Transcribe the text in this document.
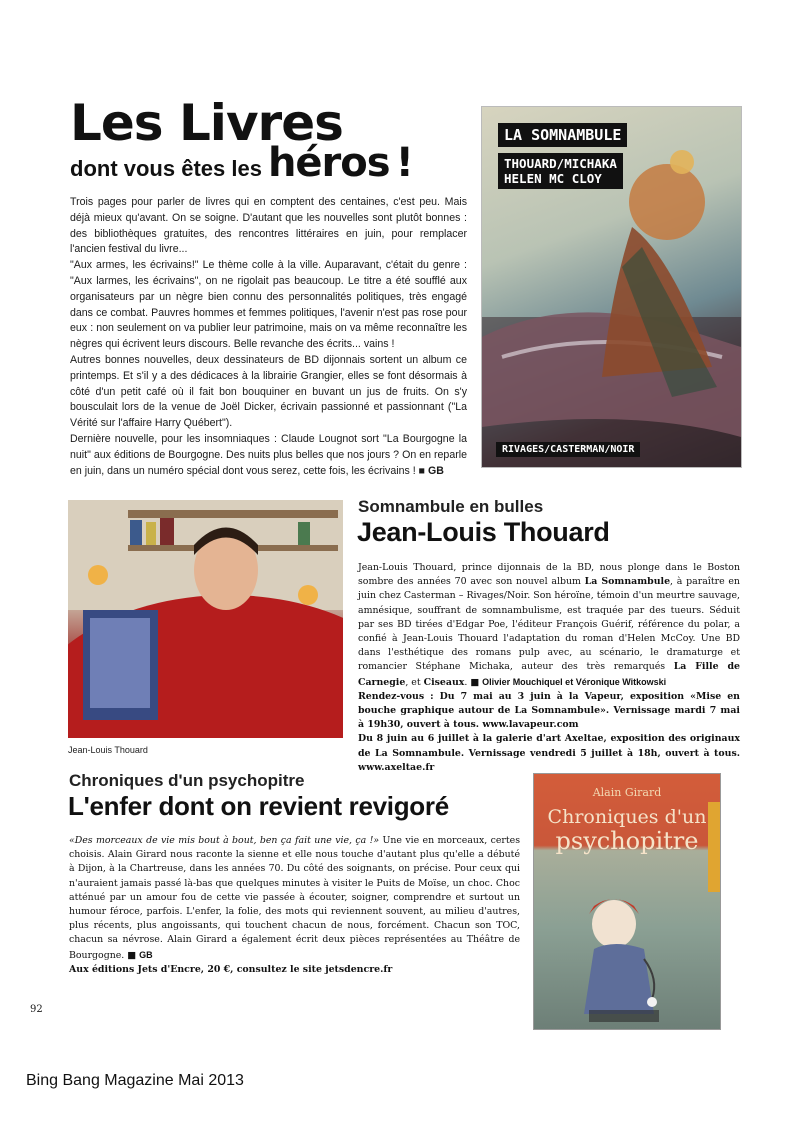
Les Livres
dont vous êtes les héros !

Trois pages pour parler de livres qui en comptent des centaines, c'est peu. Mais déjà mieux qu'avant. On se soigne. D'autant que les nouvelles sont plutôt bonnes : des bibliothèques gratuites, des rencontres littéraires en juin, pour remplacer l'ancien festival du livre...

"Aux armes, les écrivains!" Le thème colle à la ville. Auparavant, c'était du genre : "Aux larmes, les écrivains", on ne rigolait pas beaucoup. Le titre a été soufflé aux organisateurs par un nègre bien connu des personnalités politiques, très engagé dans ce combat. Pauvres hommes et femmes politiques, l'avenir n'est pas rose pour eux : non seulement on va publier leur patrimoine, mais on va même reconnaître les nègres qui écrivent leurs discours. Belle revanche des écrits... vains !

Autres bonnes nouvelles, deux dessinateurs de BD dijonnais sortent un album ce printemps. Et s'il y a des dédicaces à la librairie Grangier, elles se font désormais à côté d'un petit café où il fait bon bouquiner en buvant un jus de fruits. On s'y bousculait lors de la venue de Joël Dicker, écrivain passionné et passionnant ("La Vérité sur l'affaire Harry Québert").

Dernière nouvelle, pour les insomniaques : Claude Lougnot sort "La Bourgogne la nuit" aux éditions de Bourgogne. Des nuits plus belles que nos jours ? On en reparle en juin, dans un numéro spécial dont vous serez, cette fois, les écrivains ! ■ GB

LA SOMNAMBULE
THOUARD/MICHAKA
HELEN MC CLOY
RIVAGES/CASTERMAN/NOIR
Jean-Louis Thouard
Somnambule en bulles
Jean-Louis Thouard

Jean-Louis Thouard, prince dijonnais de la BD, nous plonge dans le Boston sombre des années 70 avec son nouvel album La Somnambule, à paraître en juin chez Casterman – Rivages/Noir. Son héroïne, témoin d'un meurtre sauvage, amnésique, souffrant de somnambulisme, est traquée par des tueurs. Séduit par ses BD tirées d'Edgar Poe, l'éditeur François Guérif, référence du polar, a confié à Jean-Louis Thouard l'adaptation du roman d'Helen McCoy. Une BD dans l'esthétique des romans pulp avec, au scénario, le dramaturge et romancier Stéphane Michaka, auteur des très remarqués La Fille de Carnegie, et Ciseaux. ■ Olivier Mouchiquel et Véronique Witkowski

Rendez-vous : Du 7 mai au 3 juin à la Vapeur, exposition «Mise en bouche graphique autour de La Somnambule». Vernissage mardi 7 mai à 19h30, ouvert à tous. www.lavapeur.com

Du 8 juin au 6 juillet à la galerie d'art Axeltae, exposition des originaux de La Somnambule. Vernissage vendredi 5 juillet à 18h, ouvert à tous. www.axeltae.fr

Chroniques d'un psychopitre
L'enfer dont on revient revigoré

«Des morceaux de vie mis bout à bout, ben ça fait une vie, ça !» Une vie en morceaux, certes choisis. Alain Girard nous raconte la sienne et elle nous touche d'autant plus qu'elle a débuté à Dijon, à la Chartreuse, dans les années 70. Du côté des soignants, on précise. Pour ceux qui n'auraient jamais passé là-bas que quelques minutes à visiter le Puits de Moïse, un choc. Choc atténué par un amour fou de cette vie passée à écouter, soigner, comprendre et surtout un humour féroce, parfois. L'enfer, la folie, des mots qui reviennent souvent, au milieu d'autres, plus récents, plus angoissants, qui touchent chacun de nous, forcément. Chacun son TOC, chacun sa névrose. Alain Girard a également écrit deux pièces représentées au Théâtre de Bourgogne. ■ GB

Aux éditions Jets d'Encre, 20 €, consultez le site jetsdencre.fr

Alain Girard
Chroniques d'un
psychopitre
92
Bing Bang Magazine Mai 2013
